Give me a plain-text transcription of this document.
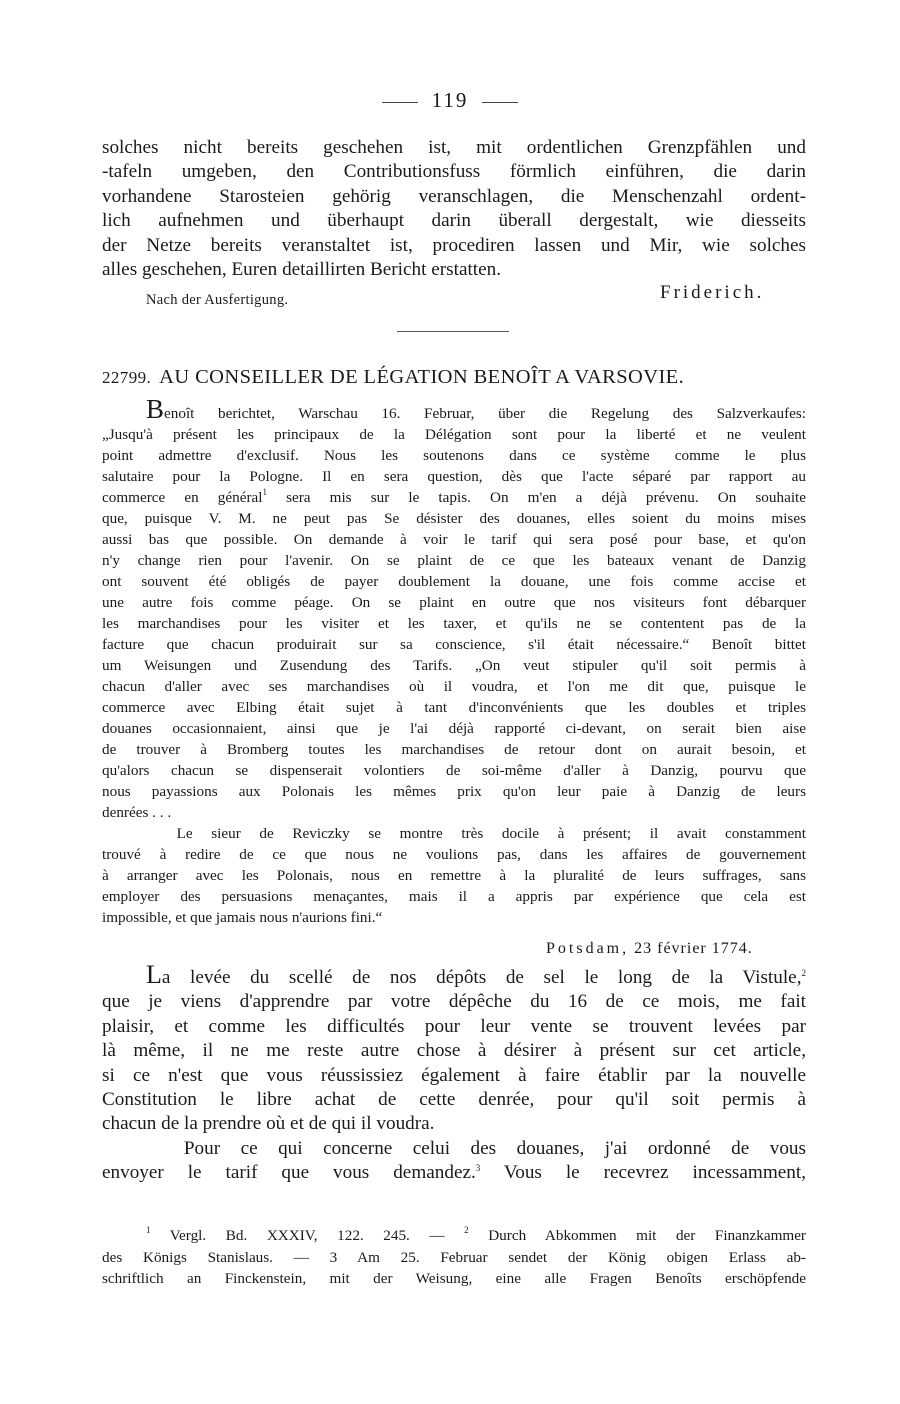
119
solches nicht bereits geschehen ist, mit ordentlichen Grenzpfählen und
-tafeln umgeben, den Contributionsfuss förmlich einführen, die darin
vorhandene Starosteien gehörig veranschlagen, die Menschenzahl ordent-
lich aufnehmen und überhaupt darin überall dergestalt, wie diesseits
der Netze bereits veranstaltet ist, procediren lassen und Mir, wie solches
alles geschehen, Euren detaillirten Bericht erstatten.
Friderich.
Nach der Ausfertigung.
22799. AU CONSEILLER DE LÉGATION BENOÎT A VARSOVIE.
Benoît berichtet, Warschau 16. Februar, über die Regelung des Salzverkaufes:
„Jusqu'à présent les principaux de la Délégation sont pour la liberté et ne veulent
point admettre d'exclusif. Nous les soutenons dans ce système comme le plus
salutaire pour la Pologne. Il en sera question, dès que l'acte séparé par rapport au
commerce en général$^1$ sera mis sur le tapis. On m'en a déjà prévenu. On souhaite
que, puisque V. M. ne peut pas Se désister des douanes, elles soient du moins mises
aussi bas que possible. On demande à voir le tarif qui sera posé pour base, et qu'on
n'y change rien pour l'avenir. On se plaint de ce que les bateaux venant de Danzig
ont souvent été obligés de payer doublement la douane, une fois comme accise et
une autre fois comme péage. On se plaint en outre que nos visiteurs font débarquer
les marchandises pour les visiter et les taxer, et qu'ils ne se contentent pas de la
facture que chacun produirait sur sa conscience, s'il était nécessaire.“ Benoît bittet
um Weisungen und Zusendung des Tarifs. „On veut stipuler qu'il soit permis à
chacun d'aller avec ses marchandises où il voudra, et l'on me dit que, puisque le
commerce avec Elbing était sujet à tant d'inconvénients que les doubles et triples
douanes occasionnaient, ainsi que je l'ai déjà rapporté ci-devant, on serait bien aise
de trouver à Bromberg toutes les marchandises de retour dont on aurait besoin, et
qu'alors chacun se dispenserait volontiers de soi-même d'aller à Danzig, pourvu que
nous payassions aux Polonais les mêmes prix qu'on leur paie à Danzig de leurs
denrées . . .
Le sieur de Reviczky se montre très docile à présent; il avait constamment
trouvé à redire de ce que nous ne voulions pas, dans les affaires de gouvernement
à arranger avec les Polonais, nous en remettre à la pluralité de leurs suffrages, sans
employer des persuasions menaçantes, mais il a appris par expérience que cela est
impossible, et que jamais nous n'aurions fini.“
Potsdam, 23 février 1774.
La levée du scellé de nos dépôts de sel le long de la Vistule,$^2$
que je viens d'apprendre par votre dépêche du 16 de ce mois, me fait
plaisir, et comme les difficultés pour leur vente se trouvent levées par
là même, il ne me reste autre chose à désirer à présent sur cet article,
si ce n'est que vous réussissiez également à faire établir par la nouvelle
Constitution le libre achat de cette denrée, pour qu'il soit permis à
chacun de la prendre où et de qui il voudra.
Pour ce qui concerne celui des douanes, j'ai ordonné de vous
envoyer le tarif que vous demandez.$^3$ Vous le recevrez incessamment,
$^1$ Vergl. Bd. XXXIV, 122. 245. — $^2$ Durch Abkommen mit der Finanzkammer
des Königs Stanislaus. — 3 Am 25. Februar sendet der König obigen Erlass ab-
schriftlich an Finckenstein, mit der Weisung, eine alle Fragen Benoîts erschöpfende
